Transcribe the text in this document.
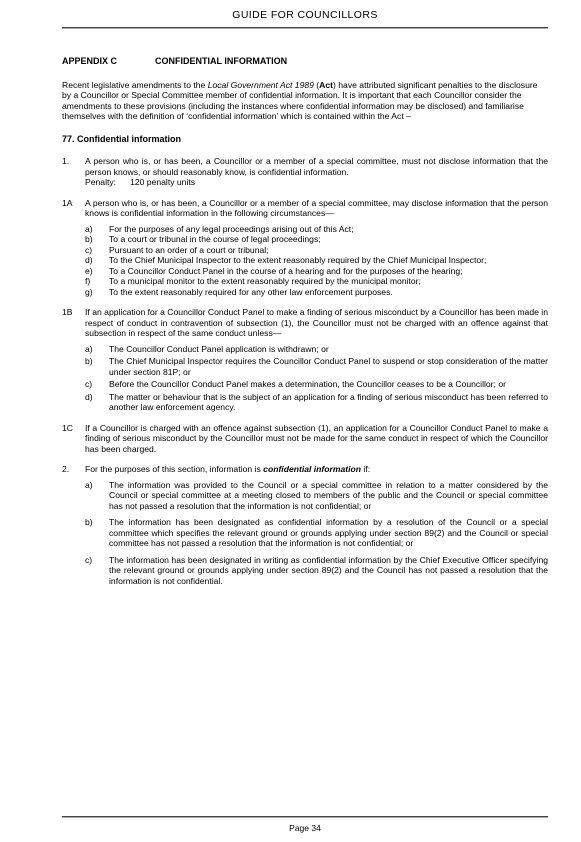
GUIDE FOR COUNCILLORS

APPENDIX C	CONFIDENTIAL INFORMATION

Recent legislative amendments to the Local Government Act 1989 (Act) have attributed significant penalties to the disclosure by a Councillor or Special Committee member of confidential information. It is important that each Councillor consider the amendments to these provisions (including the instances where confidential information may be disclosed) and familiarise themselves with the definition of ‘confidential information’ which is contained within the Act –

77. Confidential information

1. A person who is, or has been, a Councillor or a member of a special committee, must not disclose information that the person knows, or should reasonably know, is confidential information.

Penalty: 120 penalty units

1A A person who is, or has been, a Councillor or a member of a special committee, may disclose information that the person knows is confidential information in the following circumstances—

a) For the purposes of any legal proceedings arising out of this Act;
b) To a court or tribunal in the course of legal proceedings;
c) Pursuant to an order of a court or tribunal;
d) To the Chief Municipal Inspector to the extent reasonably required by the Chief Municipal Inspector;
e) To a Councillor Conduct Panel in the course of a hearing and for the purposes of the hearing;
f) To a municipal monitor to the extent reasonably required by the municipal monitor;
g) To the extent reasonably required for any other law enforcement purposes.
1B If an application for a Councillor Conduct Panel to make a finding of serious misconduct by a Councillor has been made in respect of conduct in contravention of subsection (1), the Councillor must not be charged with an offence against that subsection in respect of the same conduct unless—

a) The Councillor Conduct Panel application is withdrawn; or
b) The Chief Municipal Inspector requires the Councillor Conduct Panel to suspend or stop consideration of the matter under section 81P; or
c) Before the Councillor Conduct Panel makes a determination, the Councillor ceases to be a Councillor; or
d) The matter or behaviour that is the subject of an application for a finding of serious misconduct has been referred to another law enforcement agency.
1C If a Councillor is charged with an offence against subsection (1), an application for a Councillor Conduct Panel to make a finding of serious misconduct by the Councillor must not be made for the same conduct in respect of which the Councillor has been charged.

2. For the purposes of this section, information is confidential information if:

a) The information was provided to the Council or a special committee in relation to a matter considered by the Council or special committee at a meeting closed to members of the public and the Council or special committee has not passed a resolution that the information is not confidential; or
b) The information has been designated as confidential information by a resolution of the Council or a special committee which specifies the relevant ground or grounds applying under section 89(2) and the Council or special committee has not passed a resolution that the information is not confidential; or
c) The information has been designated in writing as confidential information by the Chief Executive Officer specifying the relevant ground or grounds applying under section 89(2) and the Council has not passed a resolution that the information is not confidential.
Page 34
